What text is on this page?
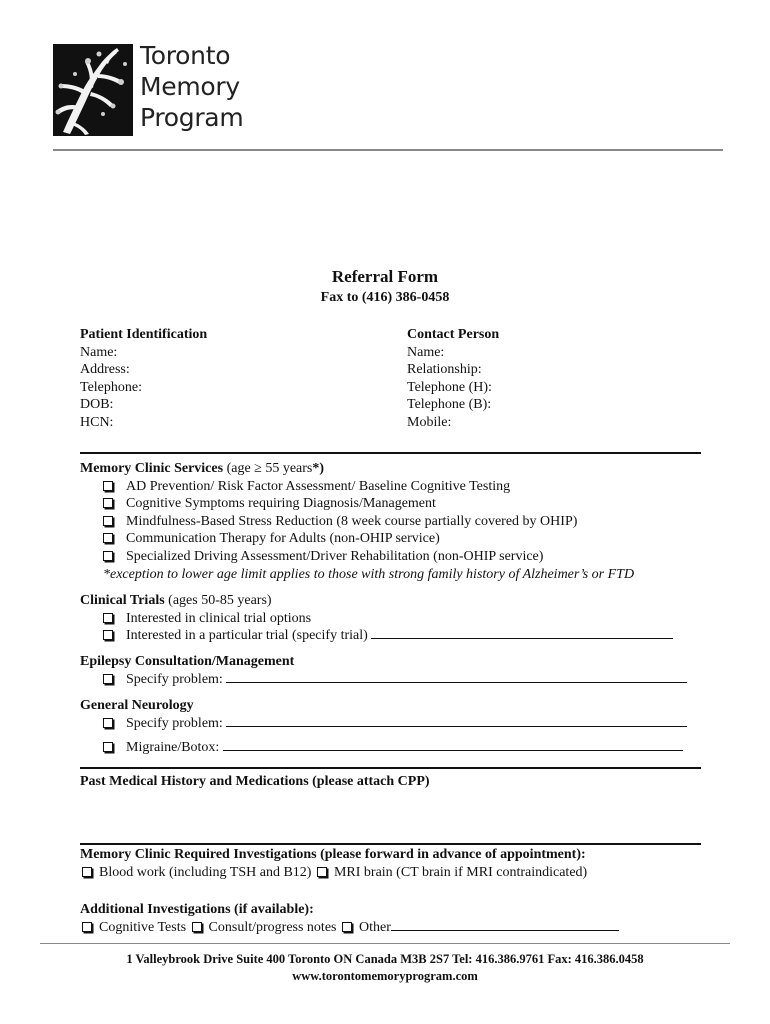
Toronto
Memory
Program
Referral Form
Fax to (416) 386-0458
Patient Identification
Name:
Address:
Telephone:
DOB:
HCN:
Contact Person
Name:
Relationship:
Telephone (H):
Telephone (B):
Mobile:
Memory Clinic Services (age ≥ 55 years*)
AD Prevention/ Risk Factor Assessment/ Baseline Cognitive Testing
Cognitive Symptoms requiring Diagnosis/Management
Mindfulness-Based Stress Reduction (8 week course partially covered by OHIP)
Communication Therapy for Adults (non-OHIP service)
Specialized Driving Assessment/Driver Rehabilitation (non-OHIP service)
*exception to lower age limit applies to those with strong family history of Alzheimer’s or FTD
Clinical Trials (ages 50-85 years)
Interested in clinical trial options
Interested in a particular trial (specify trial)
Epilepsy Consultation/Management
Specify problem:
General Neurology
Specify problem:
Migraine/Botox:
Past Medical History and Medications (please attach CPP)
Memory Clinic Required Investigations (please forward in advance of appointment):
Blood work (including TSH and B12) MRI brain (CT brain if MRI contraindicated)
Additional Investigations (if available):
Cognitive Tests Consult/progress notes Other
1 Valleybrook Drive Suite 400 Toronto ON Canada M3B 2S7 Tel: 416.386.9761 Fax: 416.386.0458
www.torontomemoryprogram.com
